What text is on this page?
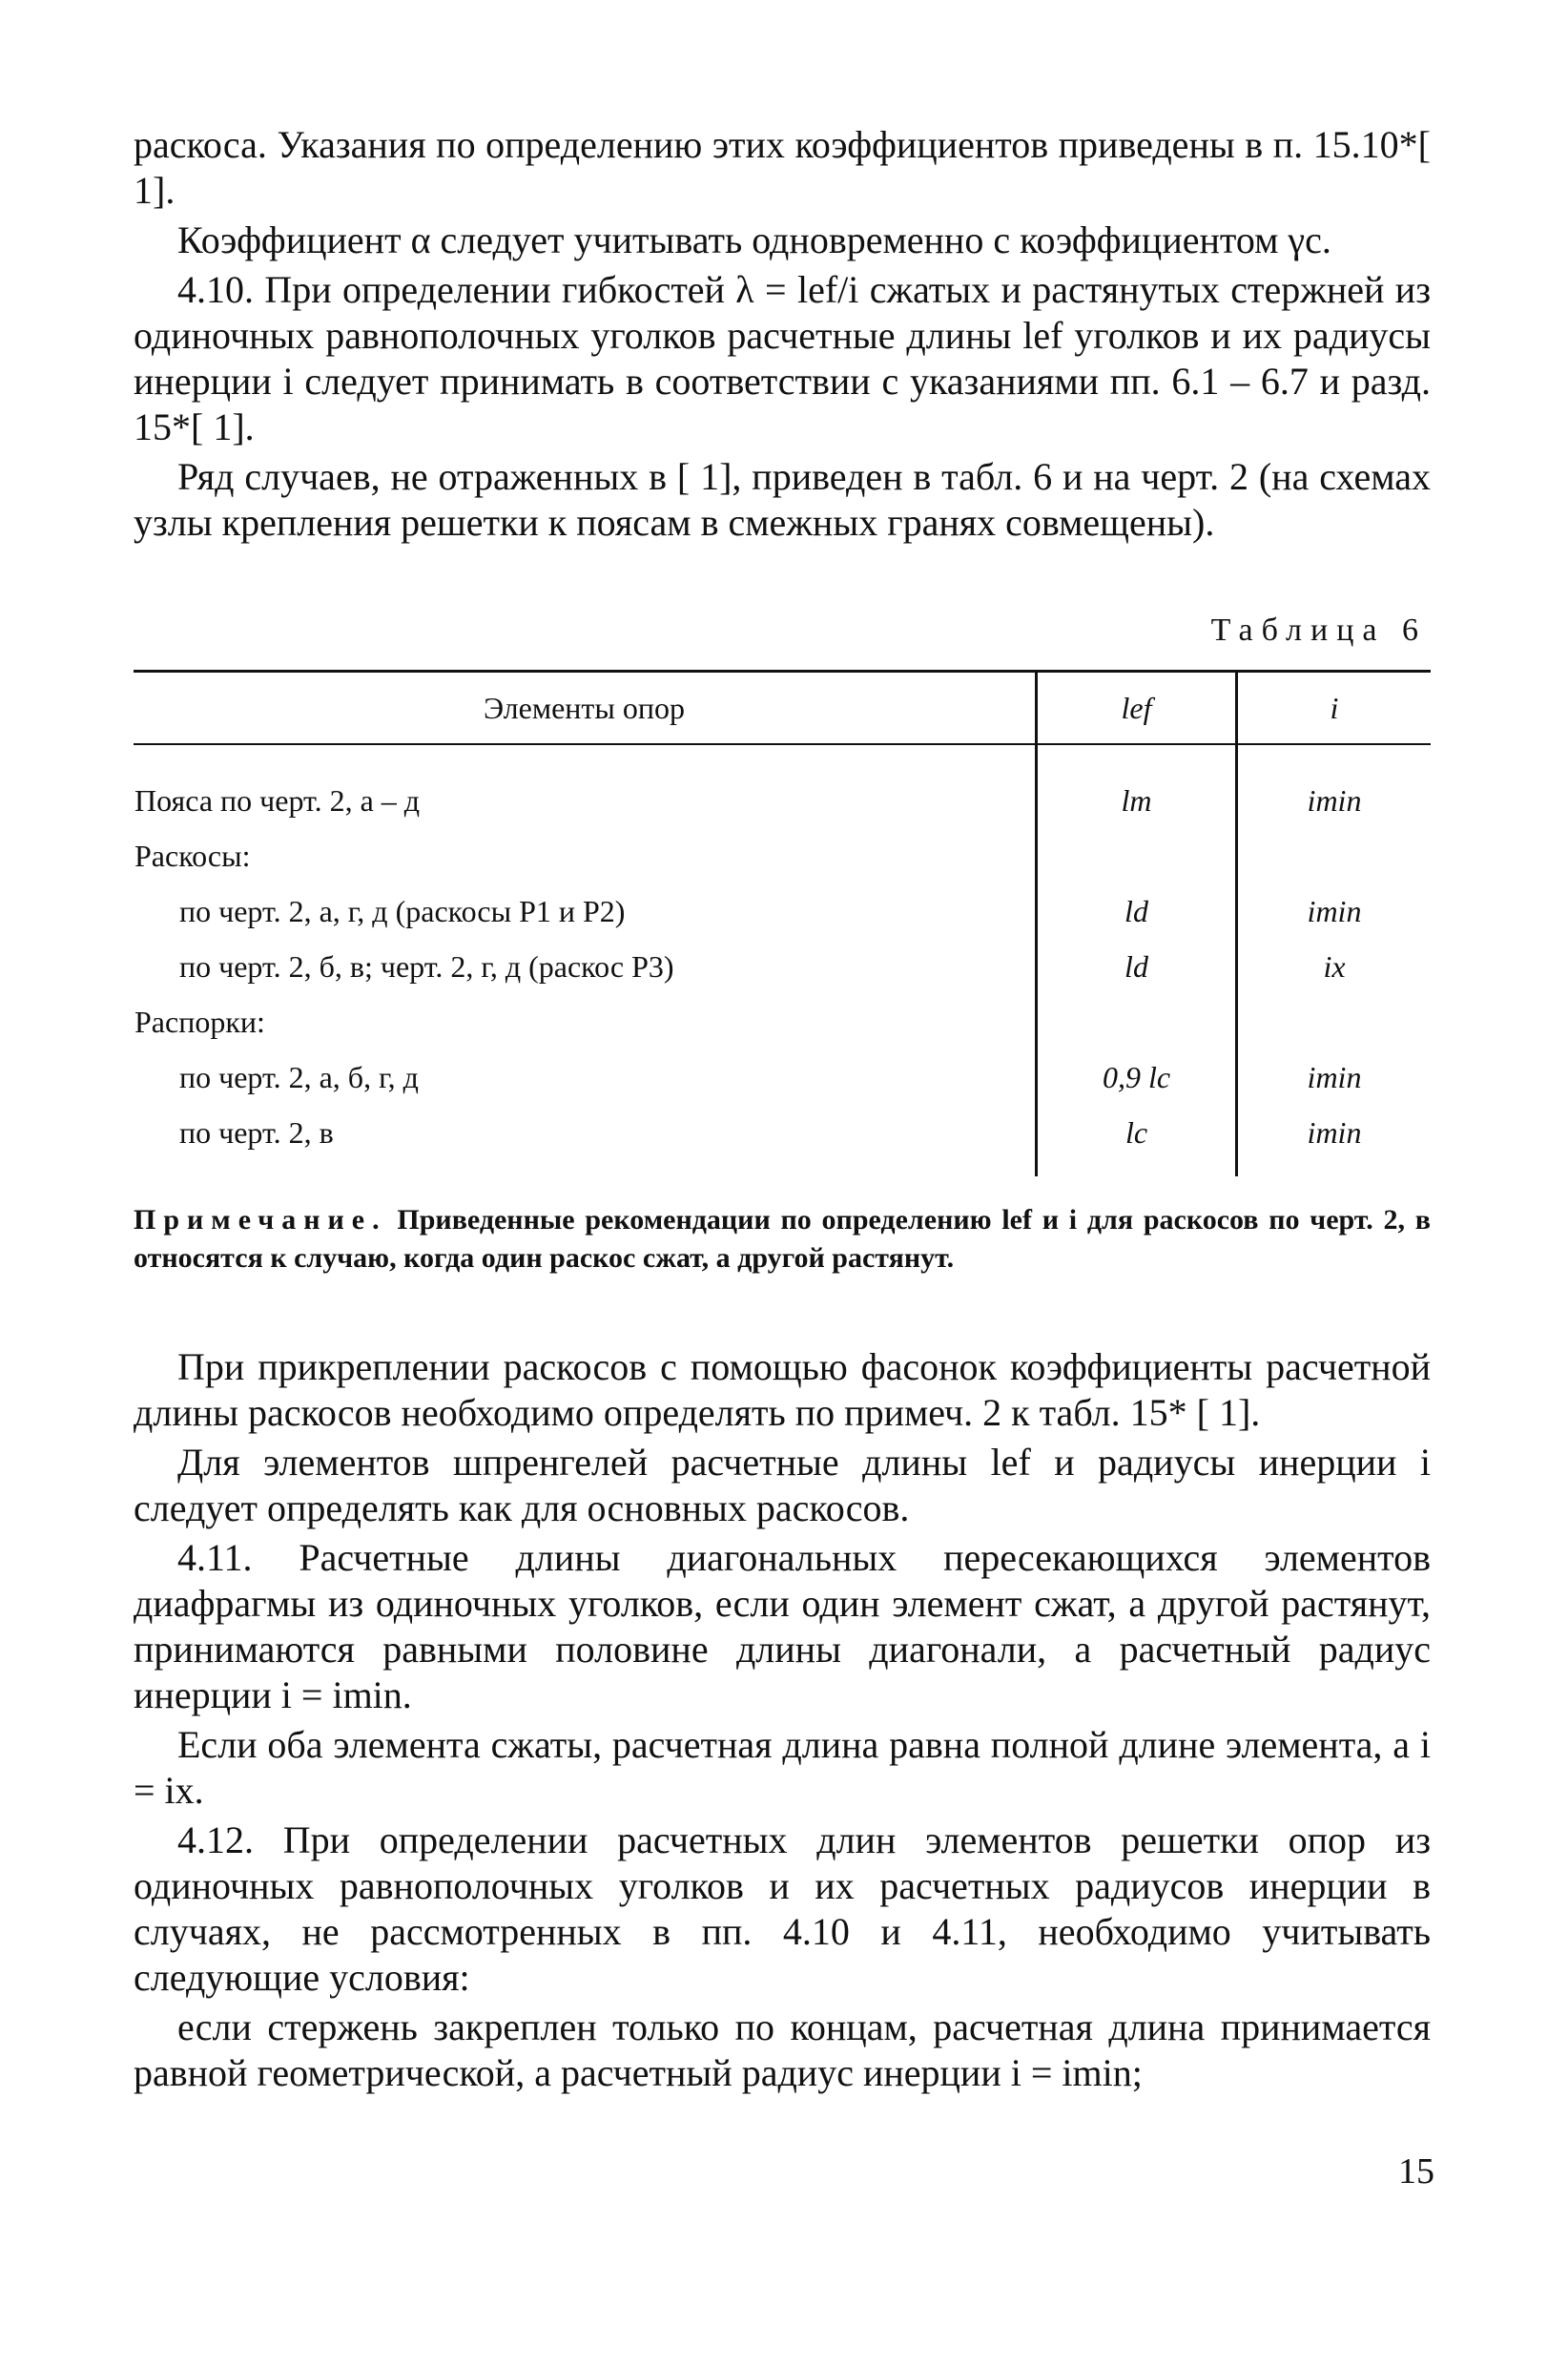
раскоса. Указания по определению этих коэффициентов приведены в п. 15.10*[ 1].

Коэффициент α следует учитывать одновременно с коэффициентом γc.

4.10. При определении гибкостей λ = lef/i сжатых и растянутых стержней из одиночных равнополочных уголков расчетные длины lef уголков и их радиусы инерции i следует принимать в соответствии с указаниями пп. 6.1 – 6.7 и разд. 15*[ 1].

Ряд случаев, не отраженных в [ 1], приведен в табл. 6 и на черт. 2 (на схемах узлы крепления решетки к поясам в смежных гранях совмещены).

Таблица 6
Элементы опор	lef	i
Пояса по черт. 2, а – д	lm	imin
Раскосы:		
по черт. 2, а, г, д (раскосы P1 и P2)	ld	imin
по черт. 2, б, в; черт. 2, г, д (раскос P3)	ld	ix
Распорки:		
по черт. 2, а, б, г, д	0,9 lc	imin
по черт. 2, в	lc	imin

Примечание. Приведенные рекомендации по определению lef и i для раскосов по черт. 2, в относятся к случаю, когда один раскос сжат, а другой растянут.

При прикреплении раскосов с помощью фасонок коэффициенты расчетной длины раскосов необходимо определять по примеч. 2 к табл. 15* [ 1].

Для элементов шпренгелей расчетные длины lef и радиусы инерции i следует определять как для основных раскосов.

4.11. Расчетные длины диагональных пересекающихся элементов диафрагмы из одиночных уголков, если один элемент сжат, а другой растянут, принимаются равными половине длины диагонали, а расчетный радиус инерции i = imin.

Если оба элемента сжаты, расчетная длина равна полной длине элемента, а i = ix.

4.12. При определении расчетных длин элементов решетки опор из одиночных равнополочных уголков и их расчетных радиусов инерции в случаях, не рассмотренных в пп. 4.10 и 4.11, необходимо учитывать следующие условия:

если стержень закреплен только по концам, расчетная длина принимается равной геометрической, а расчетный радиус инерции i = imin;

15
